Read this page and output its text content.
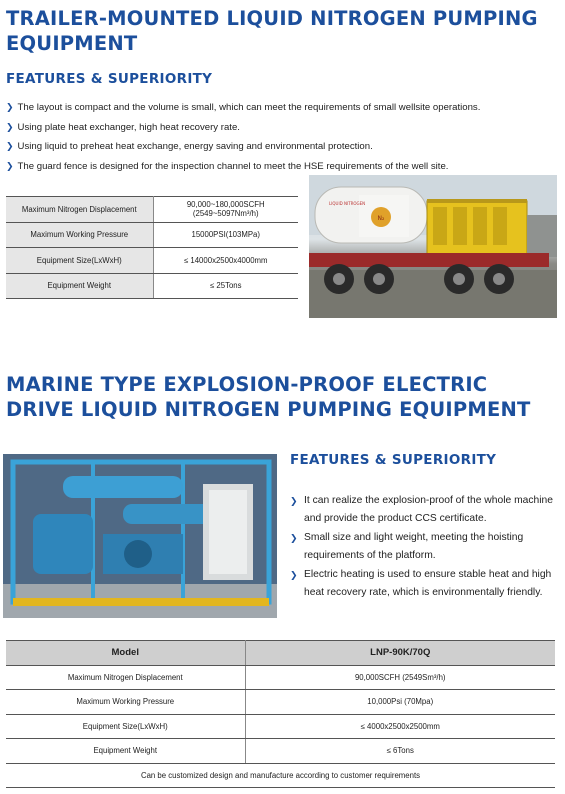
TRAILER-MOUNTED LIQUID NITROGEN PUMPING EQUIPMENT
FEATURES & SUPERIORITY
❯ The layout is compact and the volume is small, which can meet the requirements of small wellsite operations.
❯ Using plate heat exchanger, high heat recovery rate.
❯ Using liquid to preheat heat exchange, energy saving and environmental protection.
❯ The guard fence is designed for the inspection channel to meet the HSE requirements of the well site.
Maximum Nitrogen Displacement	90,000~180,000SCFH
(2549~5097Nm³/h)
Maximum Working Pressure	15000PSI(103MPa)
Equipment Size(LxWxH)	≤ 14000x2500x4000mm
Equipment Weight	≤ 25Tons
N₂
LIQUID NITROGEN
MARINE TYPE EXPLOSION-PROOF ELECTRIC DRIVE LIQUID NITROGEN PUMPING EQUIPMENT
FEATURES & SUPERIORITY
❯ It can realize the explosion-proof of the whole machine and provide the product CCS certificate.
❯ Small size and light weight, meeting the hoisting requirements of the platform.
❯ Electric heating is used to ensure stable heat and high heat recovery rate, which is environmentally friendly.
Model	LNP-90K/70Q
Maximum Nitrogen Displacement	90,000SCFH (2549Sm³/h)
Maximum Working Pressure	10,000Psi (70Mpa)
Equipment Size(LxWxH)	≤ 4000x2500x2500mm
Equipment Weight	≤ 6Tons
Can be customized design and manufacture according to customer requirements	
